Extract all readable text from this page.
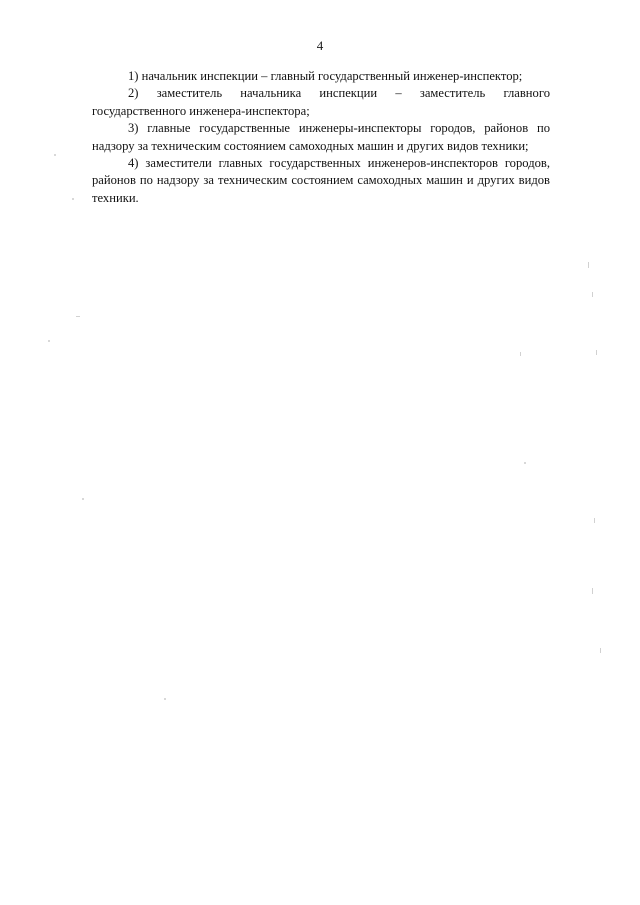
4

1) начальник инспекции – главный государственный инженер-инспектор;

2) заместитель начальника инспекции – заместитель главного государственного инженера-инспектора;

3) главные государственные инженеры-инспекторы городов, районов по надзору за техническим состоянием самоходных машин и других видов техники;

4) заместители главных государственных инженеров-инспекторов городов, районов по надзору за техническим состоянием самоходных машин и других видов техники.
